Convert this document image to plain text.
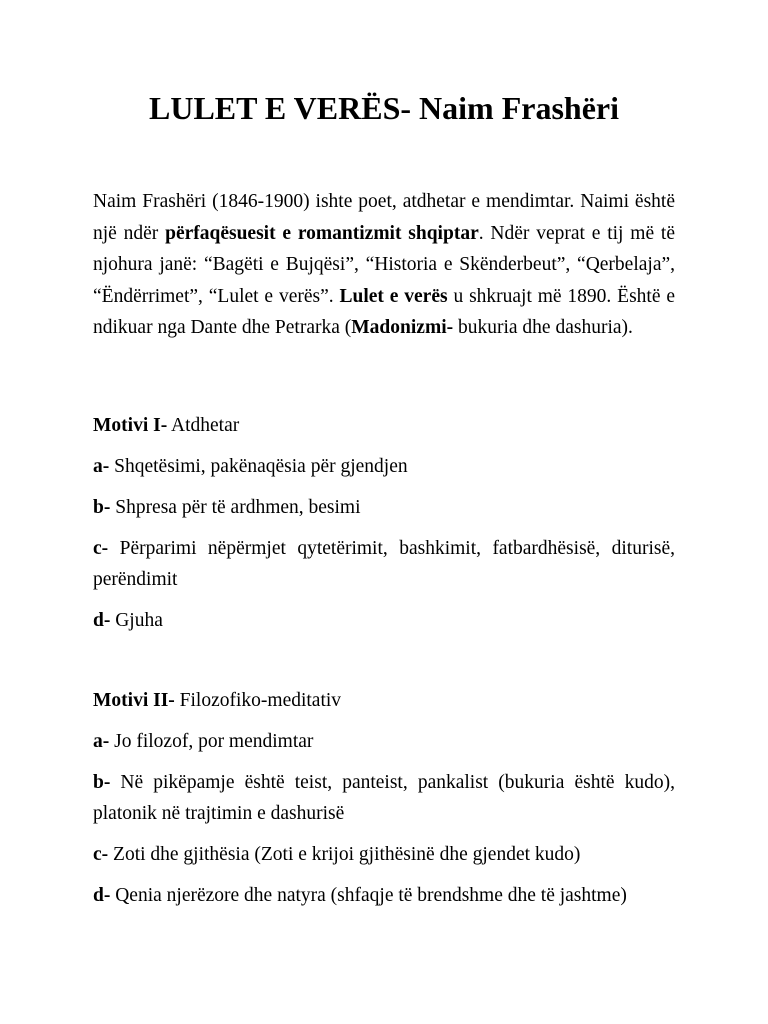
LULET E VERËS- Naim Frashëri

Naim Frashëri (1846-1900) ishte poet, atdhetar e mendimtar. Naimi është një ndër përfaqësuesit e romantizmit shqiptar. Ndër veprat e tij më të njohura janë: “Bagëti e Bujqësi”, “Historia e Skënderbeut”, “Qerbelaja”, “Ëndërrimet”, “Lulet e verës”. Lulet e verës u shkruajt më 1890. Është e ndikuar nga Dante dhe Petrarka (Madonizmi- bukuria dhe dashuria).

Motivi I- Atdhetar

a- Shqetësimi, pakënaqësia për gjendjen

b- Shpresa për të ardhmen, besimi

c- Përparimi nëpërmjet qytetërimit, bashkimit, fatbardhësisë, diturisë, perëndimit

d- Gjuha

Motivi II- Filozofiko-meditativ

a- Jo filozof, por mendimtar

b- Në pikëpamje është teist, panteist, pankalist (bukuria është kudo), platonik në trajtimin e dashurisë

c- Zoti dhe gjithësia (Zoti e krijoi gjithësinë dhe gjendet kudo)

d- Qenia njerëzore dhe natyra (shfaqje të brendshme dhe të jashtme)
